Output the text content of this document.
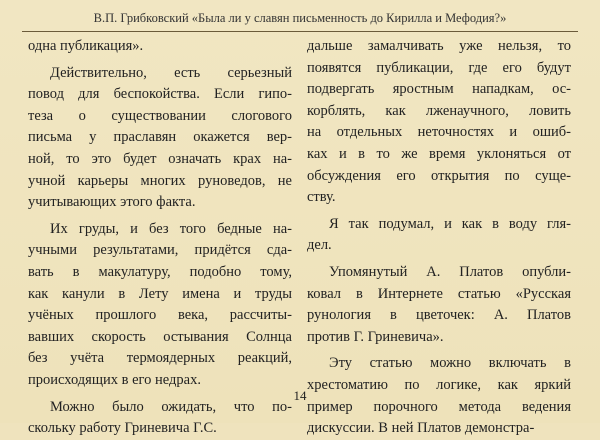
В.П. Грибковский «Была ли у славян письменность до Кирилла и Мефодия?»

одна публикация».

Действительно, есть серьезный
повод для беспокойства. Если гипо-
теза о существовании слогового
письма у праславян окажется вер-
ной, то это будет означать крах на-
учной карьеры многих руноведов, не
учитывающих этого факта.

Их груды, и без того бедные на-
учными результатами, придётся сда-
вать в макулатуру, подобно тому,
как канули в Лету имена и труды
учёных прошлого века, рассчиты-
вавших скорость остывания Солнца
без учёта термоядерных реакций,
происходящих в его недрах.

Можно было ожидать, что по-
скольку работу Гриневича Г.С.

дальше замалчивать уже нельзя, то
появятся публикации, где его будут
подвергать яростным нападкам, ос-
корблять, как лженаучного, ловить
на отдельных неточностях и ошиб-
ках и в то же время уклоняться от
обсуждения его открытия по суще-
ству.

Я так подумал, и как в воду гля-
дел.

Упомянутый А. Платов опубли-
ковал в Интернете статью «Русская
рунология в цветочек: А. Платов
против Г. Гриневича».

Эту статью можно включать в
хрестоматию по логике, как яркий
пример порочного метода ведения
дискуссии. В ней Платов демонстра-

14
